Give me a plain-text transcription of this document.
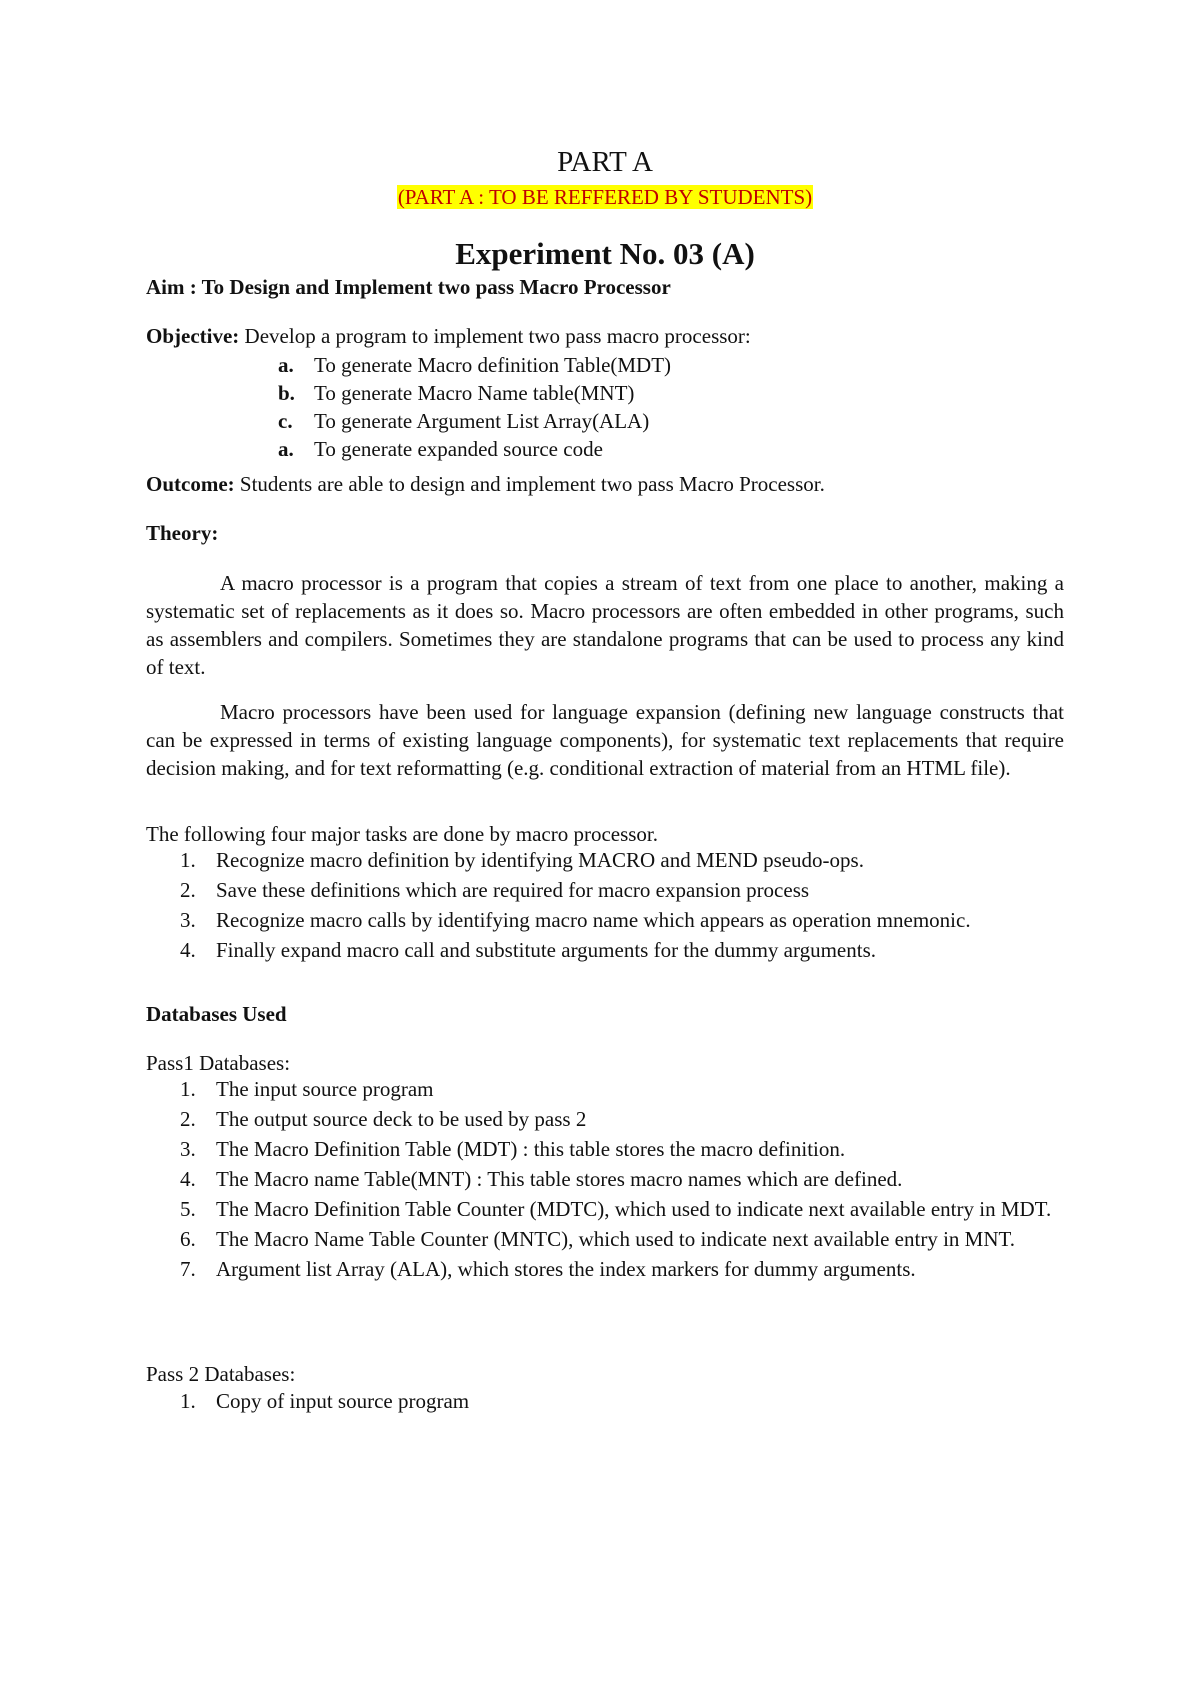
PART A
(PART A : TO BE REFFERED BY STUDENTS)
Experiment No. 03 (A)
Aim : To Design and Implement two pass Macro Processor
Objective: Develop a program to implement two pass macro processor:
a. To generate Macro definition Table(MDT)
b. To generate Macro Name table(MNT)
c.	To generate Argument List Array(ALA)
a. To generate expanded source code
Outcome: Students are able to design and implement two pass Macro Processor.
Theory:
A macro processor is a program that copies a stream of text from one place to another, making a systematic set of replacements as it does so. Macro processors are often embedded in other programs, such as assemblers and compilers. Sometimes they are standalone programs that can be used to process any kind of text.
Macro processors have been used for language expansion (defining new language constructs that can be expressed in terms of existing language components), for systematic text replacements that require decision making, and for text reformatting (e.g. conditional extraction of material from an HTML file).
The following four major tasks are done by macro processor.
1. Recognize macro definition by identifying MACRO and MEND pseudo-ops.
2. Save these definitions which are required for macro expansion process
3. Recognize macro calls by identifying macro name which appears as operation mnemonic.
4. Finally expand macro call and substitute arguments for the dummy arguments.
Databases Used
Pass1 Databases:
1. The input source program
2. The output source deck to be used by pass 2
3. The Macro Definition Table (MDT) : this table stores the macro definition.
4. The Macro name Table(MNT) : This table stores macro names which are defined.
5. The Macro Definition Table Counter (MDTC), which used to indicate next available entry in MDT.
6. The Macro Name Table Counter (MNTC), which used to indicate next available entry in MNT.
7. Argument list Array (ALA), which stores the index markers for dummy arguments.
Pass 2 Databases:
1. Copy of input source program
